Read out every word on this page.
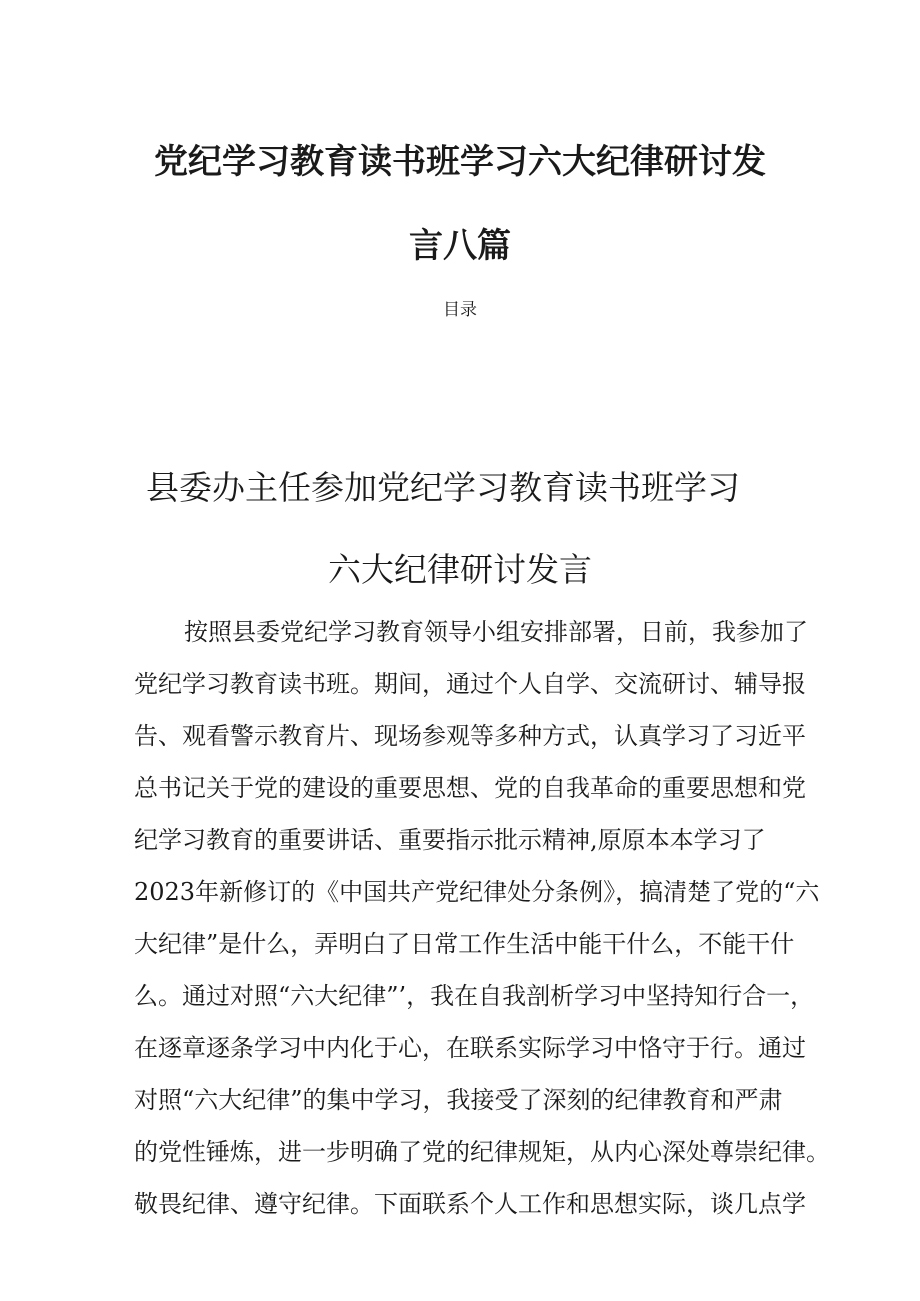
党纪学习教育读书班学习六大纪律研讨发
言八篇
目录
县委办主任参加党纪学习教育读书班学习
六大纪律研讨发言
按照县委党纪学习教育领导小组安排部署，日前，我参加了
党纪学习教育读书班。期间，通过个人自学、交流研讨、辅导报
告、观看警示教育片、现场参观等多种方式，认真学习了习近平
总书记关于党的建设的重要思想、党的自我革命的重要思想和党
纪学习教育的重要讲话、重要指示批示精神,原原本本学习了
2023年新修订的《中国共产党纪律处分条例》，搞清楚了党的“六
大纪律”是什么，弄明白了日常工作生活中能干什么，不能干什
么。通过对照“六大纪律”’，我在自我剖析学习中坚持知行合一，
在逐章逐条学习中内化于心，在联系实际学习中恪守于行。通过
对照“六大纪律”的集中学习，我接受了深刻的纪律教育和严肃
的党性锤炼，进一步明确了党的纪律规矩，从内心深处尊崇纪律。
敬畏纪律、遵守纪律。下面联系个人工作和思想实际，谈几点学
